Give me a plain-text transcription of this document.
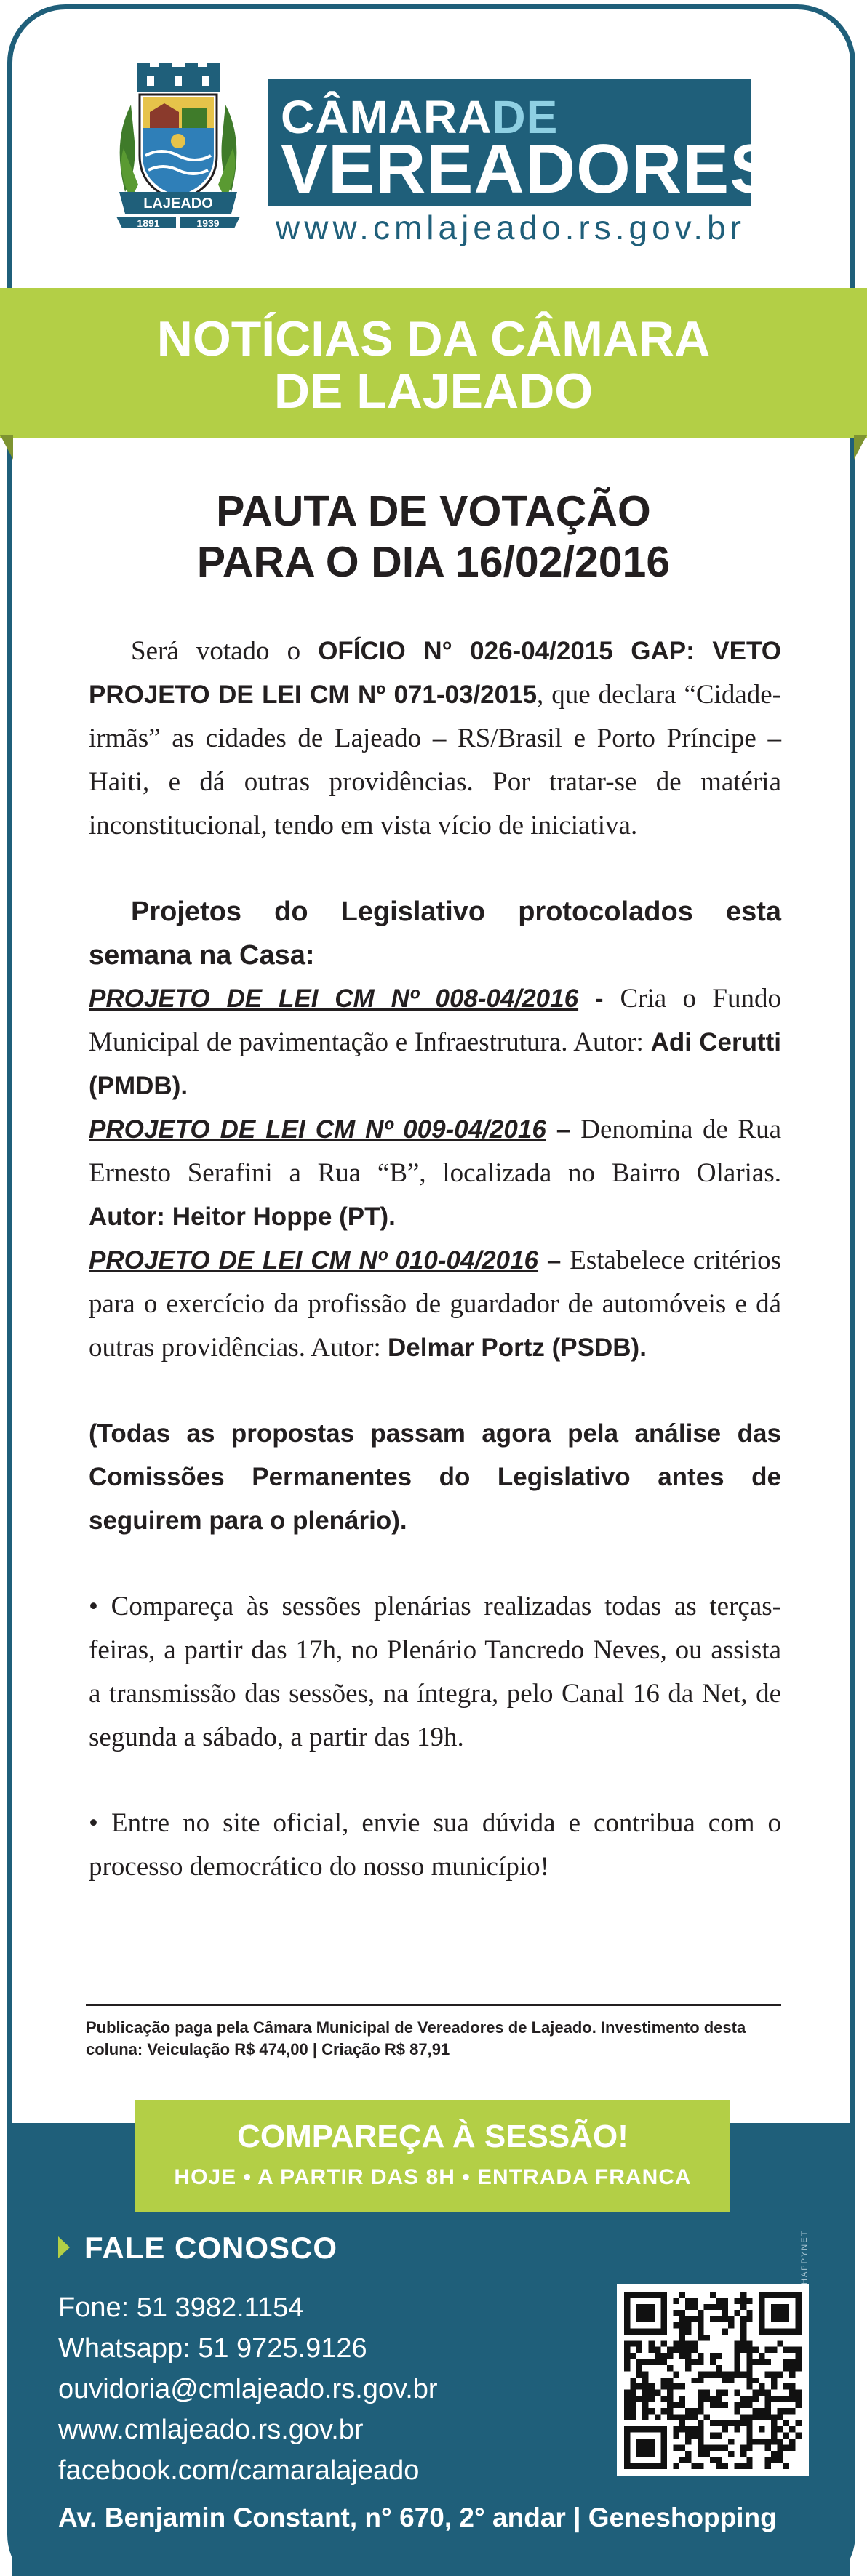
LAJEADO
1891	1939
CÂMARADE
VEREADORES
www.cmlajeado.rs.gov.br
NOTÍCIAS DA CÂMARA
DE LAJEADO
PAUTA DE VOTAÇÃO
PARA O DIA 16/02/2016

Será votado o OFÍCIO N° 026-04/2015 GAP: VETO PROJETO DE LEI CM Nº 071-03/2015, que declara “Cidade-irmãs” as cidades de Lajeado – RS/Brasil e Porto Príncipe – Haiti, e dá outras providências. Por tratar-se de matéria inconstitucional, tendo em vista vício de iniciativa.

Projetos do Legislativo protocolados esta semana na Casa:

PROJETO DE LEI CM Nº 008-04/2016 - Cria o Fundo Municipal de pavimentação e Infraestrutura. Autor: Adi Cerutti (PMDB).

PROJETO DE LEI CM Nº 009-04/2016 – Denomina de Rua Ernesto Serafini a Rua “B”, localizada no Bairro Olarias. Autor: Heitor Hoppe (PT).

PROJETO DE LEI CM Nº 010-04/2016 – Estabelece critérios para o exercício da profissão de guardador de automóveis e dá outras providências. Autor: Delmar Portz (PSDB).

(Todas as propostas passam agora pela análise das Comissões Permanentes do Legislativo antes de seguirem para o plenário).

• Compareça às sessões plenárias realizadas todas as terças-feiras, a partir das 17h, no Plenário Tancredo Neves, ou assista a transmissão das sessões, na íntegra, pelo Canal 16 da Net, de segunda a sábado, a partir das 19h.

• Entre no site oficial, envie sua dúvida e contribua com o processo democrático do nosso município!

Publicação paga pela Câmara Municipal de Vereadores de Lajeado. Investimento desta coluna: Veiculação R$ 474,00 | Criação R$ 87,91
COMPAREÇA À SESSÃO!
HOJE • A PARTIR DAS 8H • ENTRADA FRANCA
HAPPYNET
FALE CONOSCO
Fone: 51 3982.1154
Whatsapp: 51 9725.9126
ouvidoria@cmlajeado.rs.gov.br
www.cmlajeado.rs.gov.br
facebook.com/camaralajeado
Av. Benjamin Constant, n° 670, 2° andar | Geneshopping
